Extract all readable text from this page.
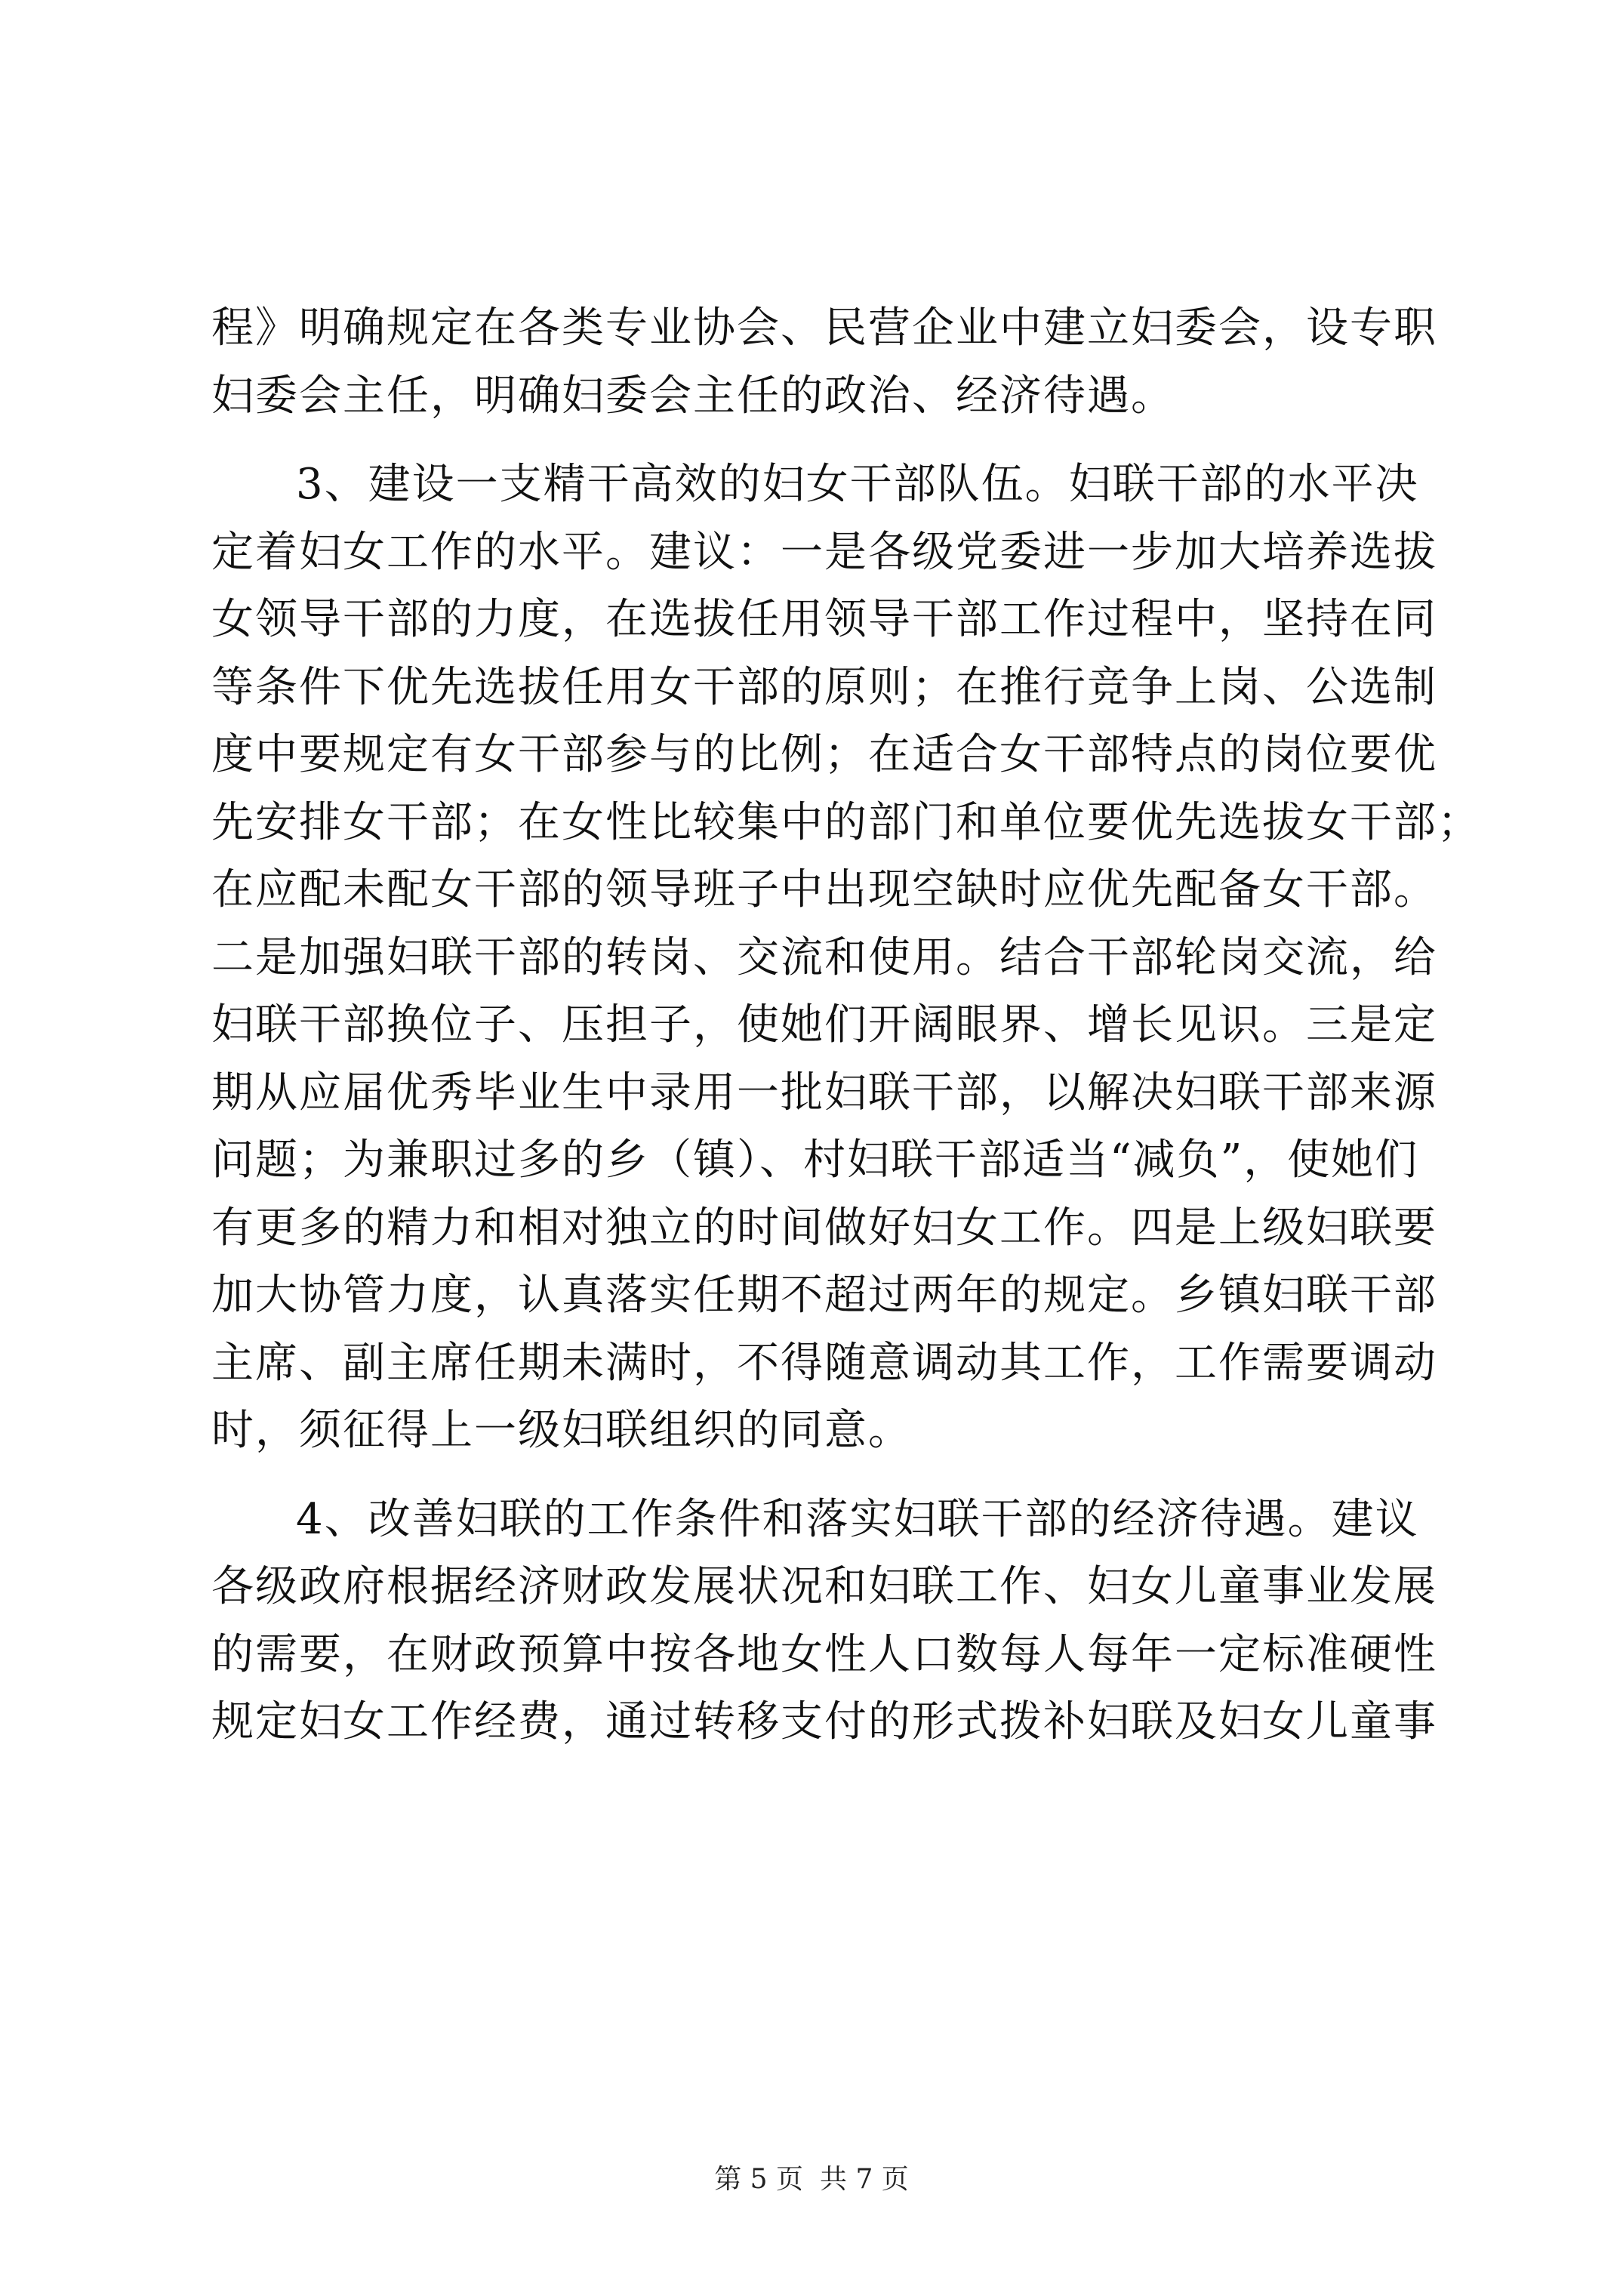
程》明确规定在各类专业协会、民营企业中建立妇委会，设专职
妇委会主任，明确妇委会主任的政治、经济待遇。
3、建设一支精干高效的妇女干部队伍。妇联干部的水平决
定着妇女工作的水平。建议：一是各级党委进一步加大培养选拔
女领导干部的力度，在选拔任用领导干部工作过程中，坚持在同
等条件下优先选拔任用女干部的原则；在推行竞争上岗、公选制
度中要规定有女干部参与的比例；在适合女干部特点的岗位要优
先安排女干部；在女性比较集中的部门和单位要优先选拔女干部；
在应配未配女干部的领导班子中出现空缺时应优先配备女干部。
二是加强妇联干部的转岗、交流和使用。结合干部轮岗交流，给
妇联干部换位子、压担子，使她们开阔眼界、增长见识。三是定
期从应届优秀毕业生中录用一批妇联干部，以解决妇联干部来源
问题；为兼职过多的乡（镇）、村妇联干部适当“减负”，使她们
有更多的精力和相对独立的时间做好妇女工作。四是上级妇联要
加大协管力度，认真落实任期不超过两年的规定。乡镇妇联干部
主席、副主席任期未满时，不得随意调动其工作，工作需要调动
时，须征得上一级妇联组织的同意。
4、改善妇联的工作条件和落实妇联干部的经济待遇。建议
各级政府根据经济财政发展状况和妇联工作、妇女儿童事业发展
的需要，在财政预算中按各地女性人口数每人每年一定标准硬性
规定妇女工作经费，通过转移支付的形式拨补妇联及妇女儿童事
第 5 页 共 7 页
